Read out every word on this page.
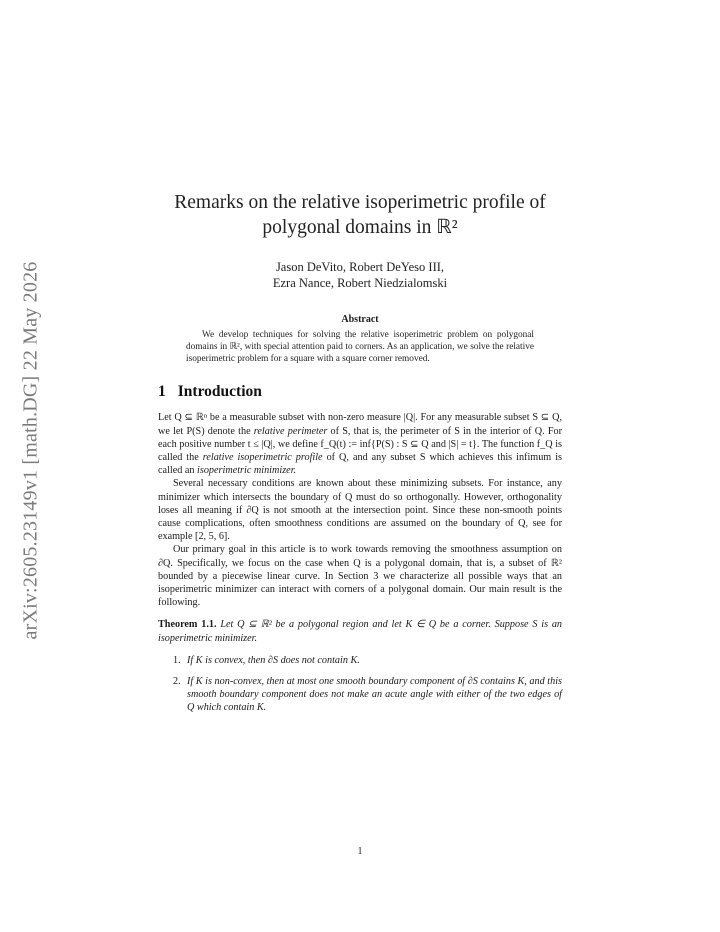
arXiv:2605.23149v1 [math.DG] 22 May 2026
Remarks on the relative isoperimetric profile of
polygonal domains in ℝ²
Jason DeVito, Robert DeYeso III,
Ezra Nance, Robert Niedzialomski
Abstract

We develop techniques for solving the relative isoperimetric problem on polygonal domains in ℝ², with special attention paid to corners. As an application, we solve the relative isoperimetric problem for a square with a square corner removed.

1 Introduction

Let Q ⊆ ℝⁿ be a measurable subset with non-zero measure |Q|. For any measurable subset S ⊆ Q, we let P(S) denote the relative perimeter of S, that is, the perimeter of S in the interior of Q. For each positive number t ≤ |Q|, we define f_Q(t) := inf{P(S) : S ⊆ Q and |S| = t}. The function f_Q is called the relative isoperimetric profile of Q, and any subset S which achieves this infimum is called an isoperimetric minimizer.

Several necessary conditions are known about these minimizing subsets. For instance, any minimizer which intersects the boundary of Q must do so orthogonally. However, orthogonality loses all meaning if ∂Q is not smooth at the intersection point. Since these non-smooth points cause complications, often smoothness conditions are assumed on the boundary of Q, see for example [2, 5, 6].

Our primary goal in this article is to work towards removing the smoothness assumption on ∂Q. Specifically, we focus on the case when Q is a polygonal domain, that is, a subset of ℝ² bounded by a piecewise linear curve. In Section 3 we characterize all possible ways that an isoperimetric minimizer can interact with corners of a polygonal domain. Our main result is the following.

Theorem 1.1. Let Q ⊆ ℝ² be a polygonal region and let K ∈ Q be a corner. Suppose S is an isoperimetric minimizer.
1. If K is convex, then ∂S does not contain K.
2. If K is non-convex, then at most one smooth boundary component of ∂S contains K, and this smooth boundary component does not make an acute angle with either of the two edges of Q which contain K.
1
